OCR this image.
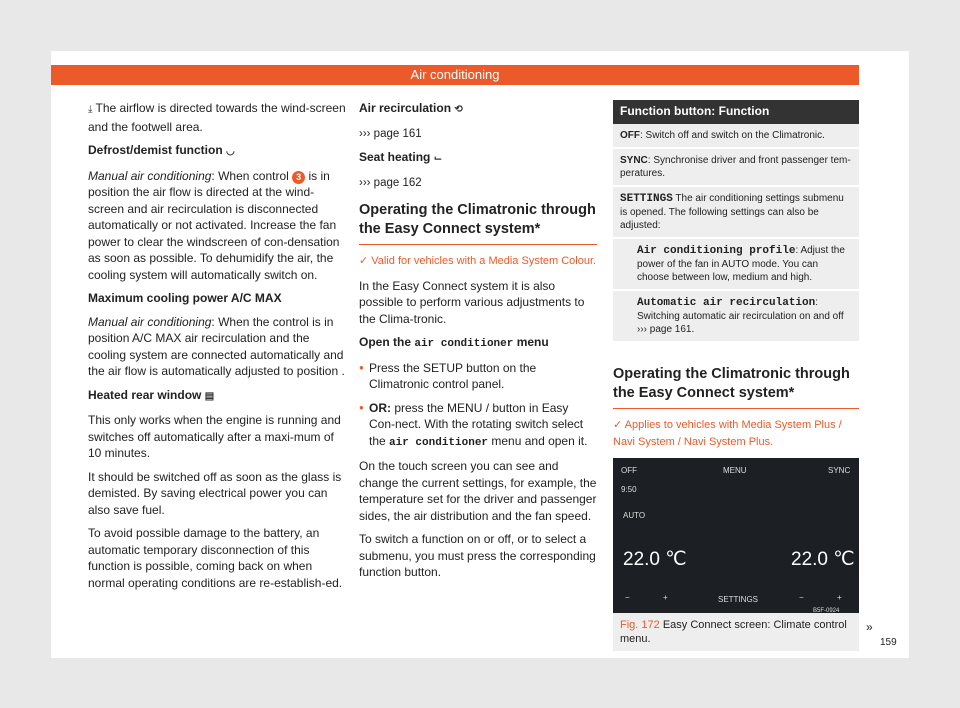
Air conditioning

⤓ The airflow is directed towards the wind-screen and the footwell area.

Defrost/demist function ◡

Manual air conditioning: When control 3 is in position the air flow is directed at the wind-screen and air recirculation is disconnected automatically or not activated. Increase the fan power to clear the windscreen of con-densation as soon as possible. To dehumidify the air, the cooling system will automatically switch on.

Maximum cooling power A/C MAX

Manual air conditioning: When the control is in position A/C MAX air recirculation and the cooling system are connected automatically and the air flow is automatically adjusted to position .

Heated rear window ▤

This only works when the engine is running and switches off automatically after a maxi-mum of 10 minutes.

It should be switched off as soon as the glass is demisted. By saving electrical power you can also save fuel.

To avoid possible damage to the battery, an automatic temporary disconnection of this function is possible, coming back on when normal operating conditions are re-establish-ed.

Air recirculation ⟲

››› page 161

Seat heating ⌙

››› page 162

Operating the Climatronic through the Easy Connect system*
✓ Valid for vehicles with a Media System Colour.

In the Easy Connect system it is also possible to perform various adjustments to the Clima-tronic.

Open the air conditioner menu

● Press the SETUP button on the Climatronic control panel.

● OR: press the MENU / button in Easy Con-nect. With the rotating switch select the air conditioner menu and open it.

On the touch screen you can see and change the current settings, for example, the temperature set for the driver and passenger sides, the air distribution and the fan speed.

To switch a function on or off, or to select a submenu, you must press the corresponding function button.

Function button: Function
OFF: Switch off and switch on the Climatronic.
SYNC: Synchronise driver and front passenger tem-peratures.
SETTINGS The air conditioning settings submenu is opened. The following settings can also be adjusted:
Air conditioning profile: Adjust the power of the fan in AUTO mode. You can choose between low, medium and high.
Automatic air recirculation: Switching automatic air recirculation on and off
››› page 161.
Operating the Climatronic through the Easy Connect system*
✓ Applies to vehicles with Media System Plus / Navi System / Navi System Plus.
OFF	MENU	SYNC
9:50
AUTO
22.0 ℃	22.0 ℃
−	+	SETTINGS	−	+
B5F-0924
Fig. 172 Easy Connect screen: Climate control menu.
»
159
